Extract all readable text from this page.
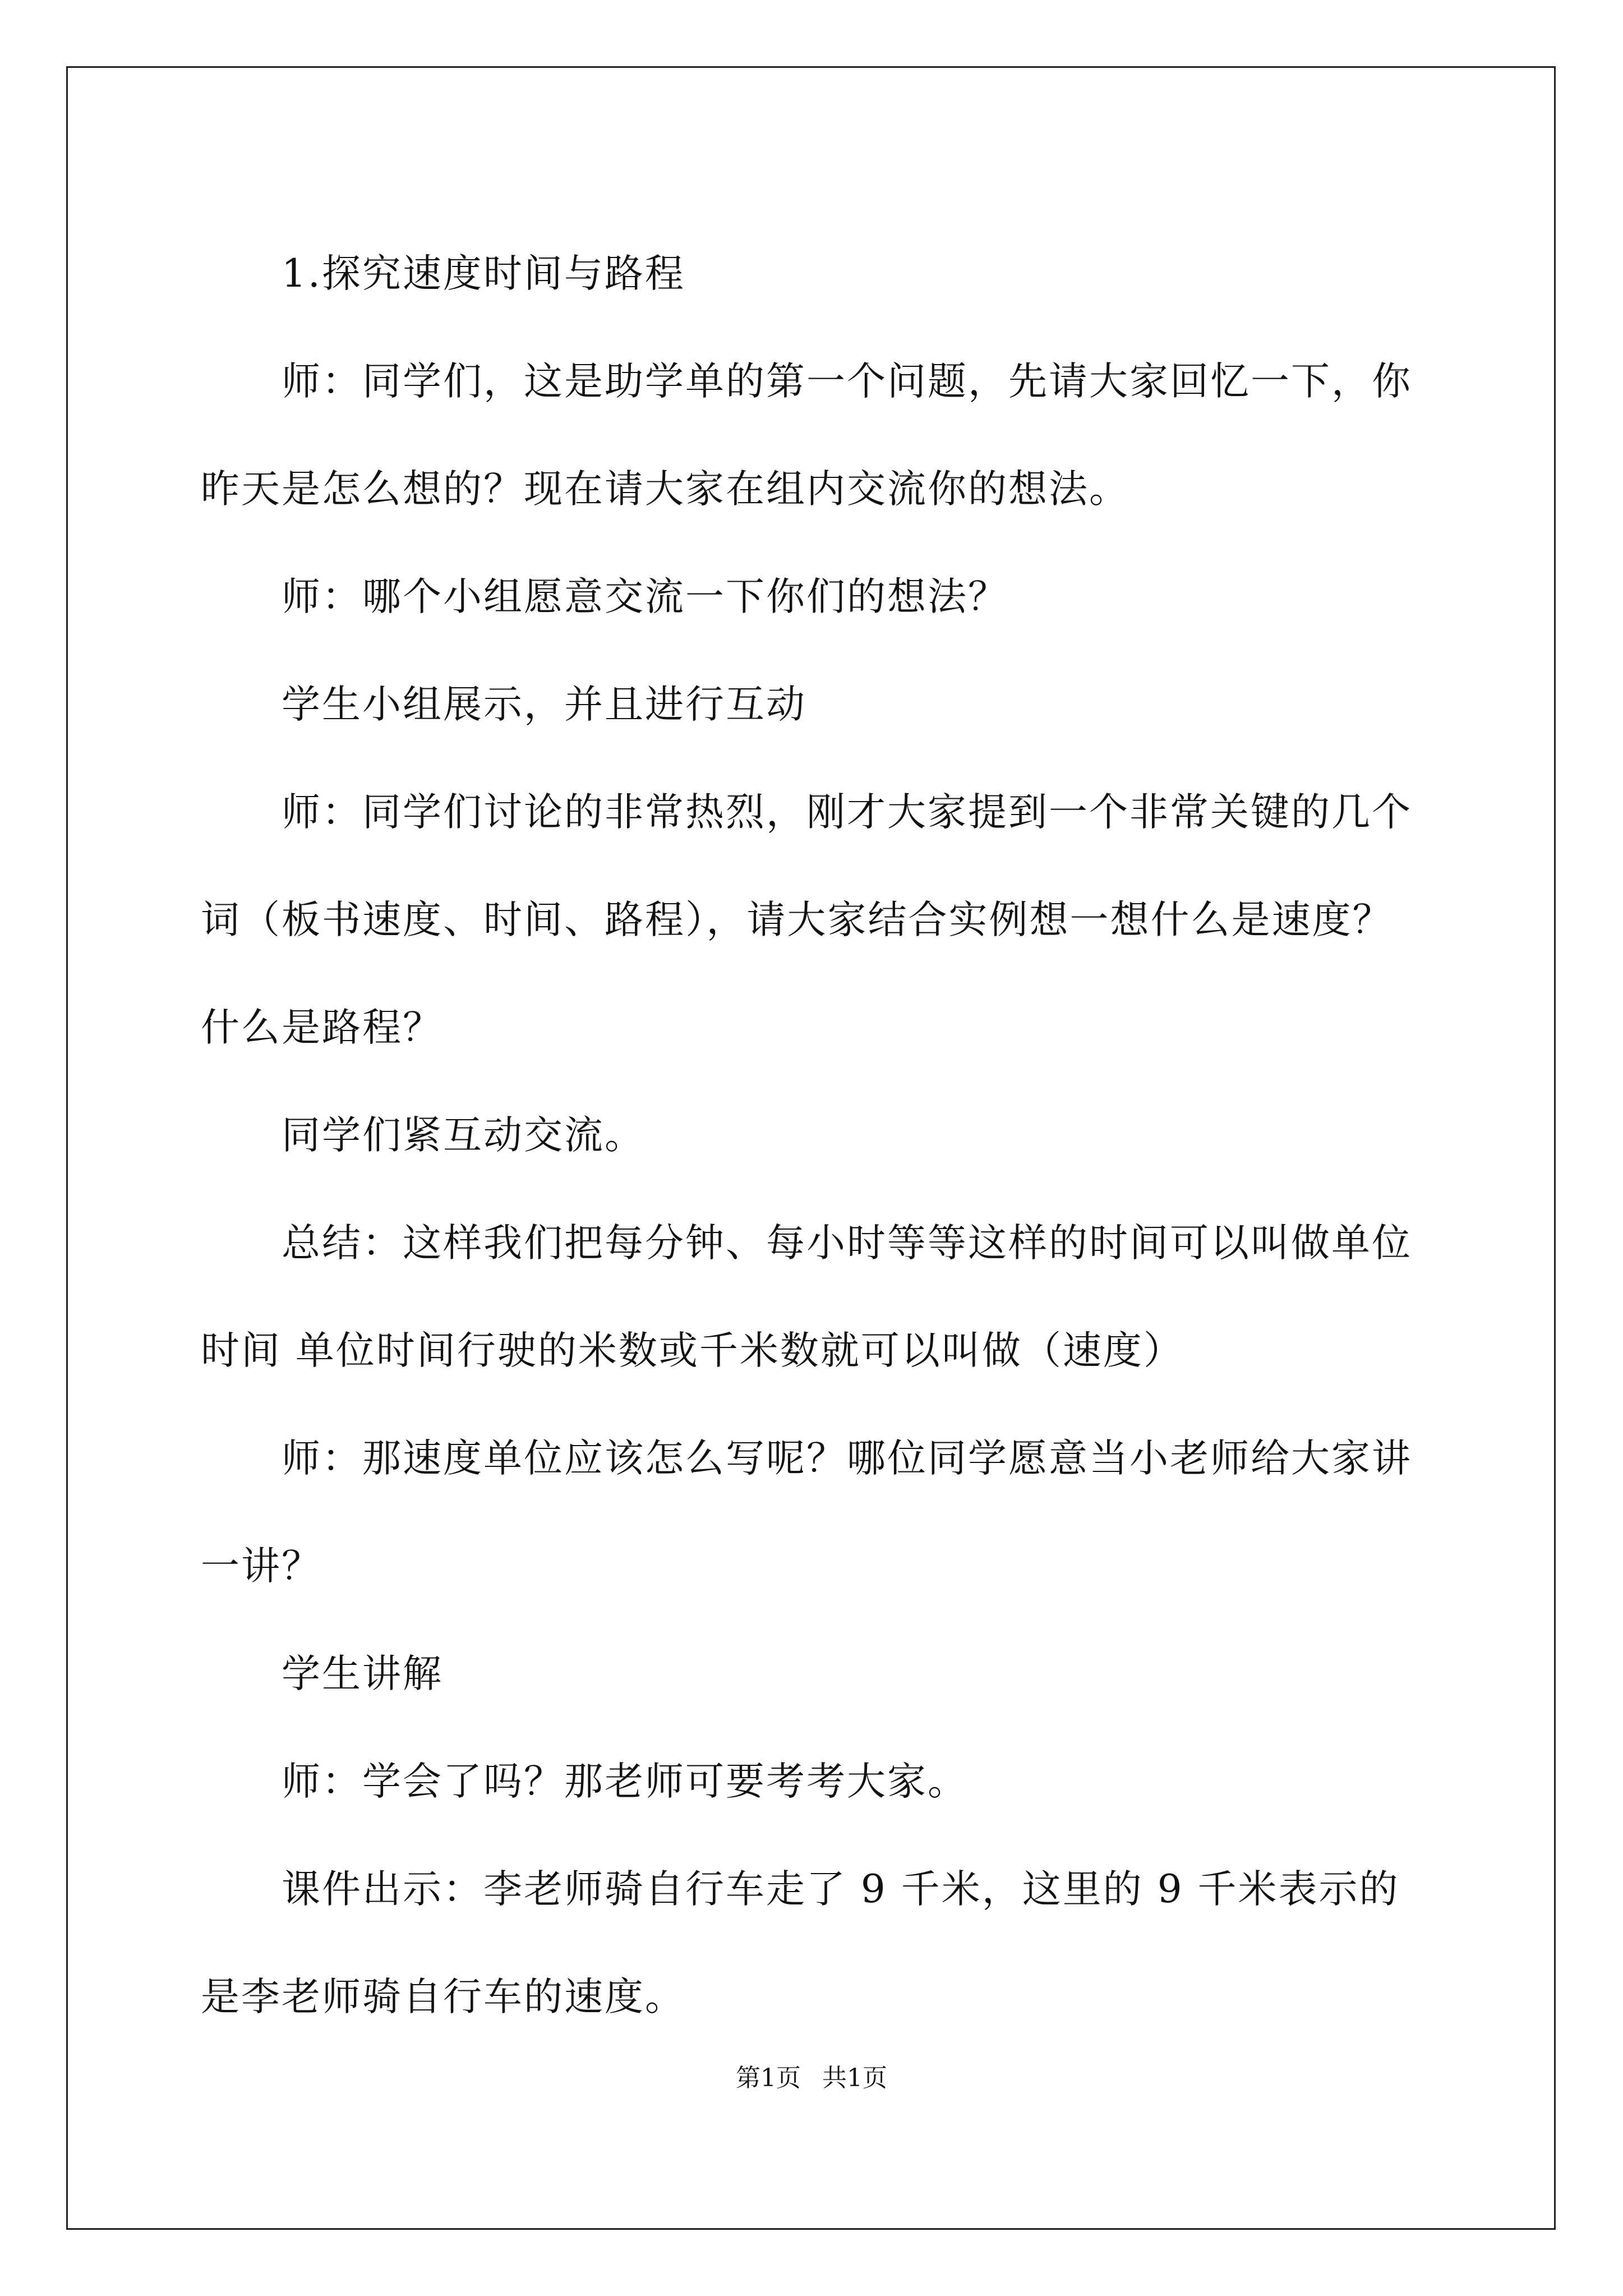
1.探究速度时间与路程

师：同学们，这是助学单的第一个问题，先请大家回忆一下，你昨天是怎么想的？现在请大家在组内交流你的想法。

师：哪个小组愿意交流一下你们的想法？

学生小组展示，并且进行互动

师：同学们讨论的非常热烈，刚才大家提到一个非常关键的几个词（板书速度、时间、路程），请大家结合实例想一想什么是速度？什么是路程？

同学们紧互动交流。

总结：这样我们把每分钟、每小时等等这样的时间可以叫做单位时间 单位时间行驶的米数或千米数就可以叫做（速度）

师：那速度单位应该怎么写呢？哪位同学愿意当小老师给大家讲一讲？

学生讲解

师：学会了吗？那老师可要考考大家。

课件出示：李老师骑自行车走了 9 千米，这里的 9 千米表示的是李老师骑自行车的速度。

第1页 共1页
